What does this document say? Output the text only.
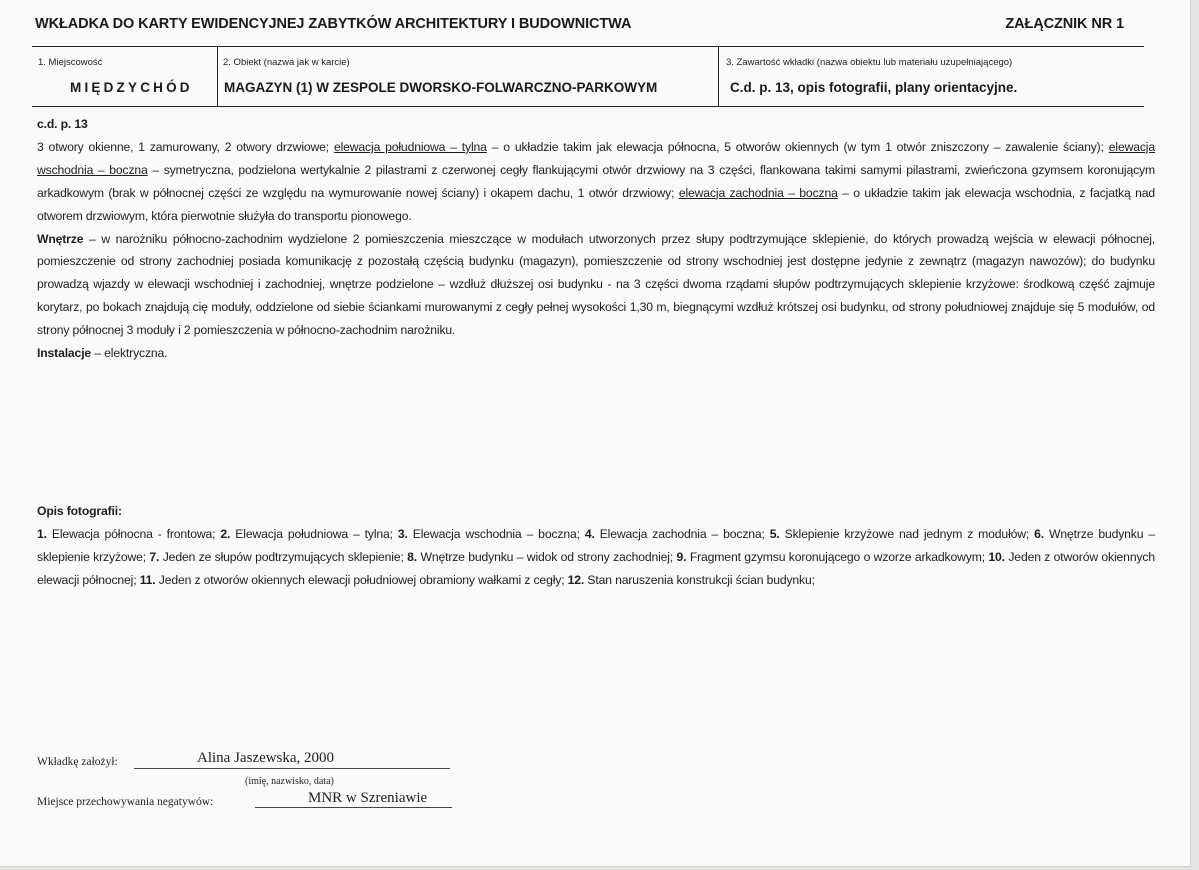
WKŁADKA DO KARTY EWIDENCYJNEJ ZABYTKÓW ARCHITEKTURY I BUDOWNICTWA	ZAŁĄCZNIK NR 1
1. Miejscowość
MIĘDZYCHÓD
2. Obiekt (nazwa jak w karcie)
MAGAZYN (1) W ZESPOLE DWORSKO-FOLWARCZNO-PARKOWYM
3. Zawartość wkładki (nazwa obiektu lub materiału uzupełniającego)
C.d. p. 13, opis fotografii, plany orientacyjne.

c.d. p. 13

3 otwory okienne, 1 zamurowany, 2 otwory drzwiowe; elewacja południowa – tylna – o układzie takim jak elewacja północna, 5 otworów okiennych (w tym 1 otwór zniszczony – zawalenie ściany); elewacja wschodnia – boczna – symetryczna, podzielona wertykalnie 2 pilastrami z czerwonej cegły flankującymi otwór drzwiowy na 3 części, flankowana takimi samymi pilastrami, zwieńczona gzymsem koronującym arkadkowym (brak w północnej części ze względu na wymurowanie nowej ściany) i okapem dachu, 1 otwór drzwiowy; elewacja zachodnia – boczna – o układzie takim jak elewacja wschodnia, z facjatką nad otworem drzwiowym, która pierwotnie służyła do transportu pionowego.

Wnętrze – w narożniku północno-zachodnim wydzielone 2 pomieszczenia mieszczące w modułach utworzonych przez słupy podtrzymujące sklepienie, do których prowadzą wejścia w elewacji północnej, pomieszczenie od strony zachodniej posiada komunikację z pozostałą częścią budynku (magazyn), pomieszczenie od strony wschodniej jest dostępne jedynie z zewnątrz (magazyn nawozów); do budynku prowadzą wjazdy w elewacji wschodniej i zachodniej, wnętrze podzielone – wzdłuż dłuższej osi budynku - na 3 części dwoma rządami słupów podtrzymujących sklepienie krzyżowe: środkową część zajmuje korytarz, po bokach znajdują cię moduły, oddzielone od siebie ściankami murowanymi z cegły pełnej wysokości 1,30 m, biegnącymi wzdłuż krótszej osi budynku, od strony południowej znajduje się 5 modułów, od strony północnej 3 moduły i 2 pomieszczenia w północno-zachodnim narożniku.

Instalacje – elektryczna.

Opis fotografii:

1. Elewacja północna - frontowa; 2. Elewacja południowa – tylna; 3. Elewacja wschodnia – boczna; 4. Elewacja zachodnia – boczna; 5. Sklepienie krzyżowe nad jednym z modułów; 6. Wnętrze budynku – sklepienie krzyżowe; 7. Jeden ze słupów podtrzymujących sklepienie; 8. Wnętrze budynku – widok od strony zachodniej; 9. Fragment gzymsu koronującego o wzorze arkadkowym; 10. Jeden z otworów okiennych elewacji północnej; 11. Jeden z otworów okiennych elewacji południowej obramiony wałkami z cegły; 12. Stan naruszenia konstrukcji ścian budynku;

Wkładkę założył:	Alina Jaszewska, 2000
(imię, nazwisko, data)
Miejsce przechowywania negatywów:	MNR w Szreniawie
